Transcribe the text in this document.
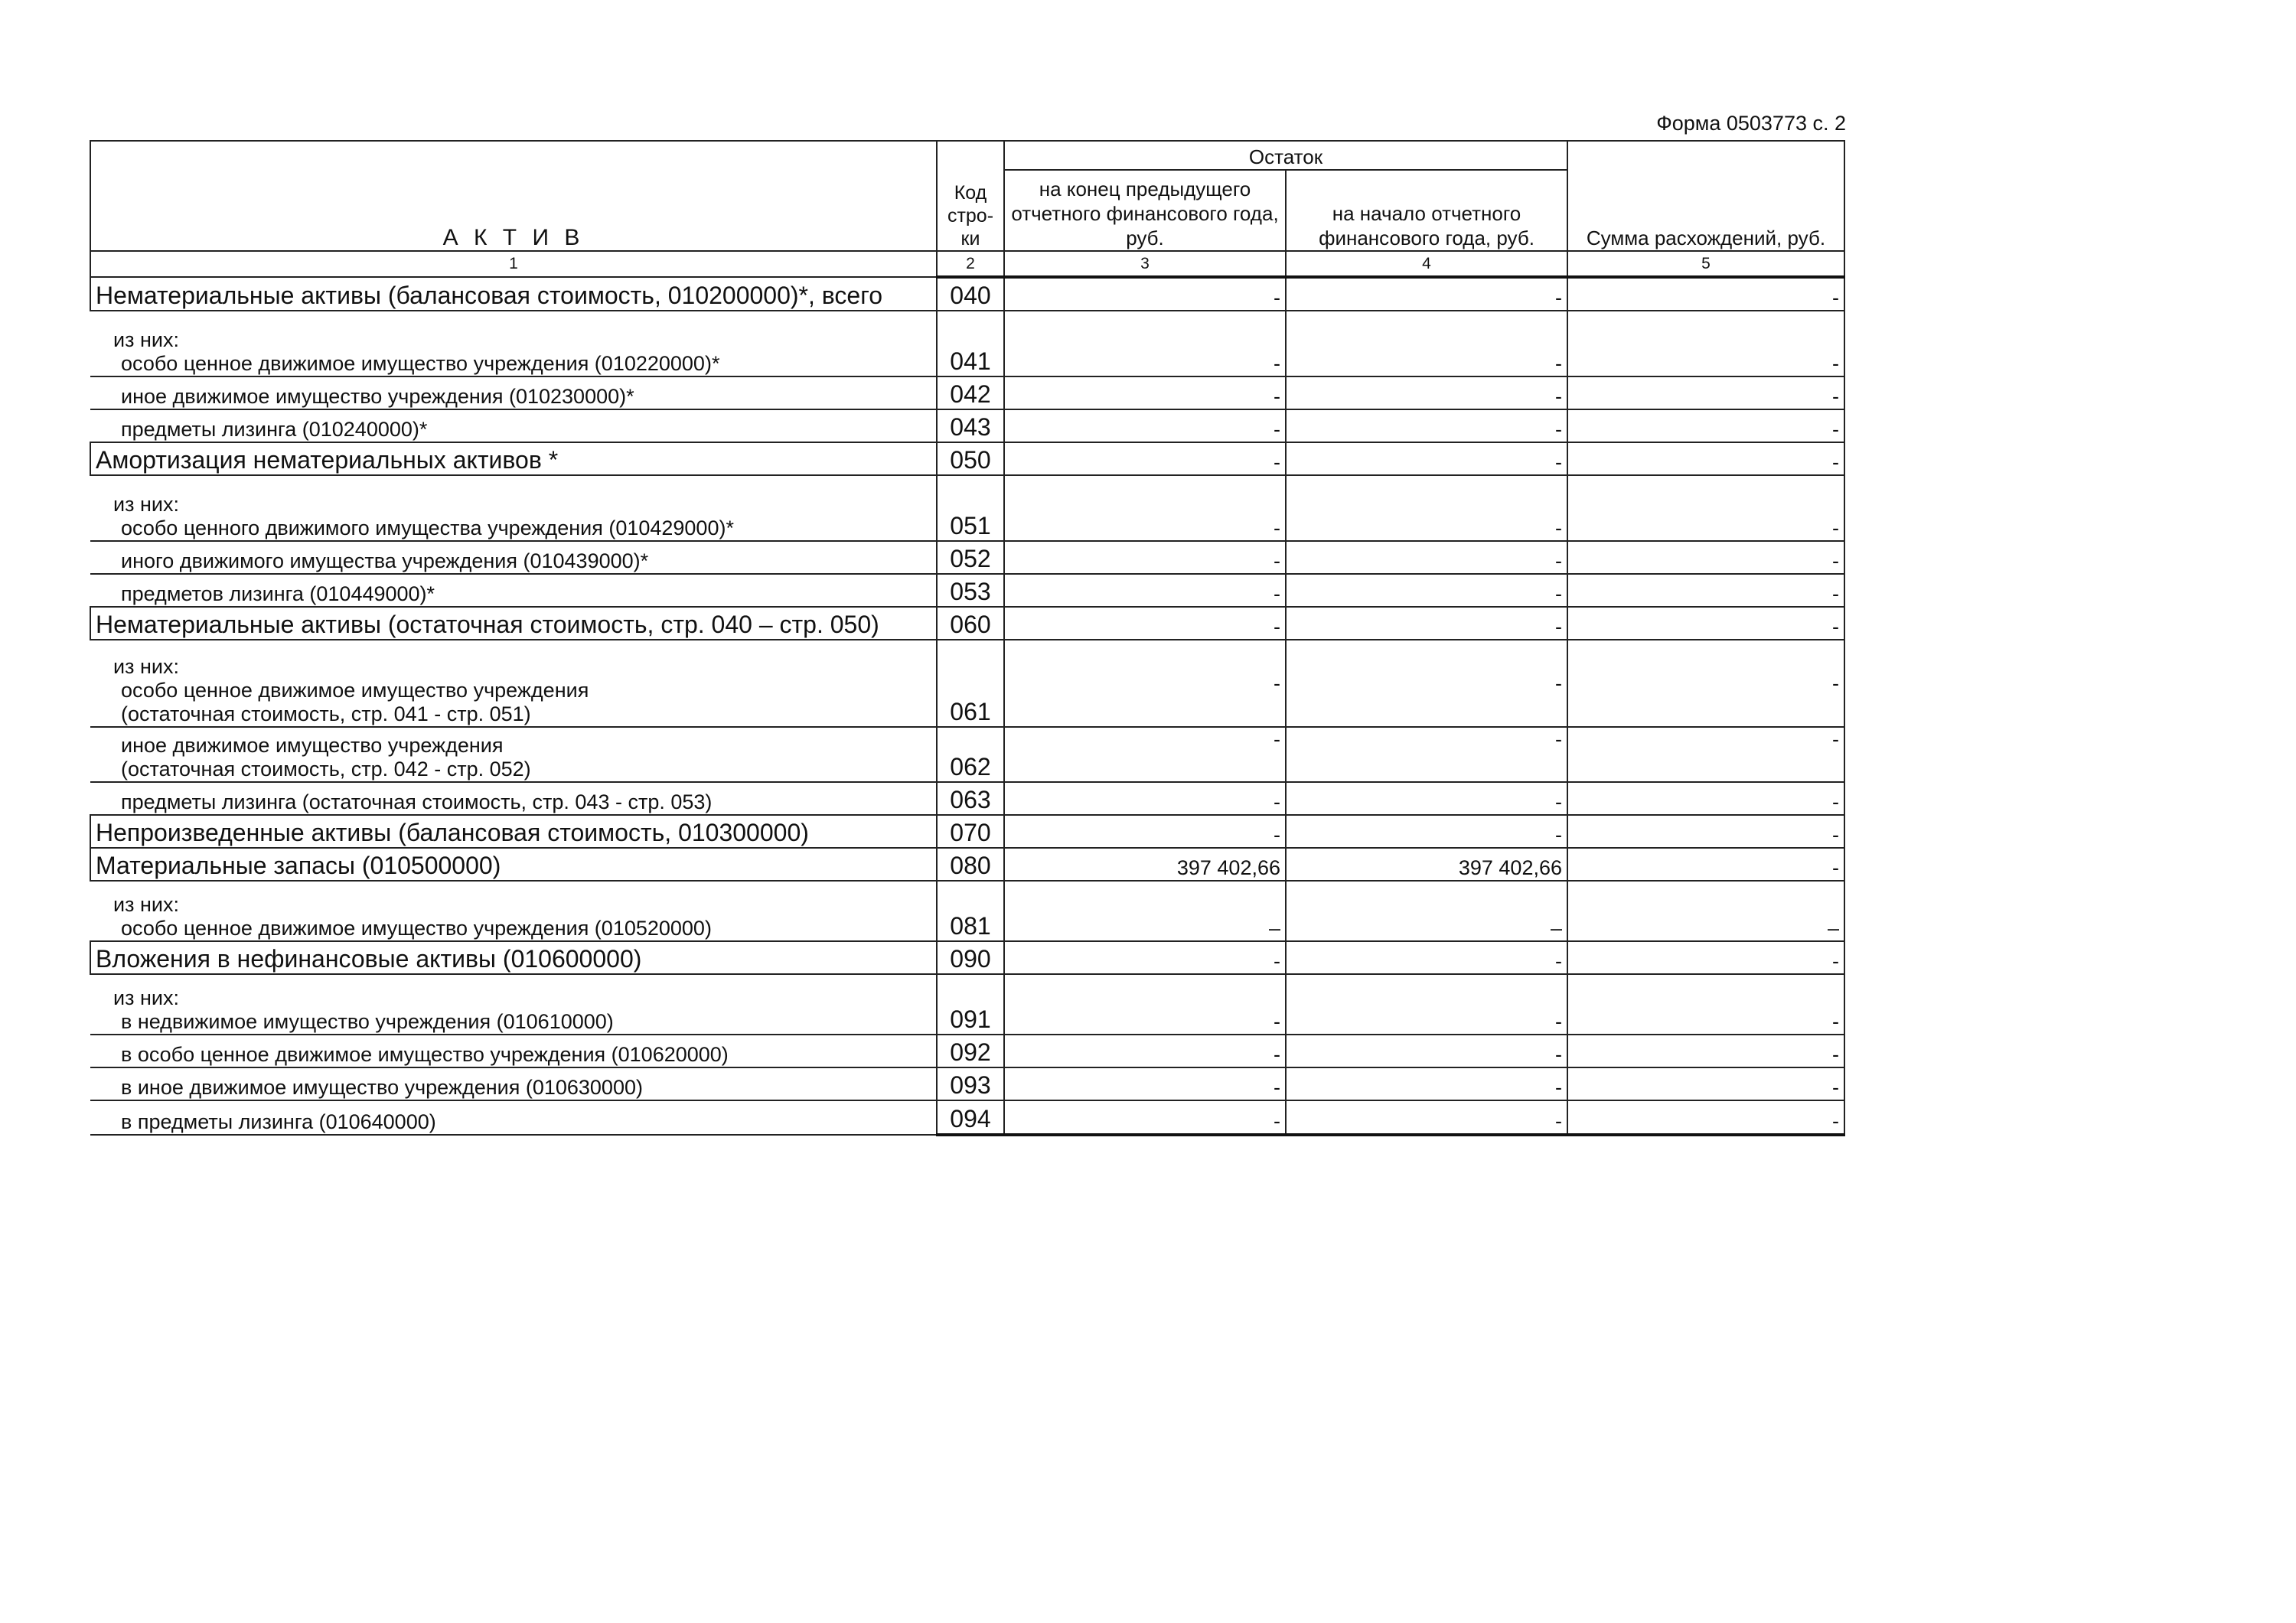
Форма 0503773 с. 2
А К Т И В	Код стро- ки	Остаток		Сумма расхождений, руб.
		на конец предыдущего отчетного финансового года, руб.	на начало отчетного финансового года, руб.	
1	2	3	4	5

Нематериальные активы (балансовая стоимость, 010200000)*, всего	040	-	-	-

из них:
особо ценное движимое имущество учреждения (010220000)*	041	-	-	-

иное движимое имущество учреждения (010230000)*	042	-	-	-

предметы лизинга (010240000)*	043	-	-	-

Амортизация нематериальных активов *	050	-	-	-

из них:
особо ценного движимого имущества учреждения (010429000)*	051	-	-	-

иного движимого имущества учреждения (010439000)*	052	-	-	-

предметов лизинга (010449000)*	053	-	-	-

Нематериальные активы (остаточная стоимость, стр. 040 – стр. 050)	060	-	-	-

из них:
особо ценное движимое имущество учреждения
(остаточная стоимость, стр. 041 - стр. 051)	061	-	-	-

иное движимое имущество учреждения
(остаточная стоимость, стр. 042 - стр. 052)	062	-	-	-

предметы лизинга (остаточная стоимость, стр. 043 - стр. 053)	063	-	-	-

Непроизведенные активы (балансовая стоимость, 010300000)	070	-	-	-

Материальные запасы (010500000)	080	397 402,66	397 402,66	-

из них:
особо ценное движимое имущество учреждения (010520000)	081	–	–	–

Вложения в нефинансовые активы (010600000)	090	-	-	-

из них:
в недвижимое имущество учреждения (010610000)	091	-	-	-

в особо ценное движимое имущество учреждения (010620000)	092	-	-	-

в иное движимое имущество учреждения (010630000)	093	-	-	-

в предметы лизинга (010640000)	094	-	-	-
